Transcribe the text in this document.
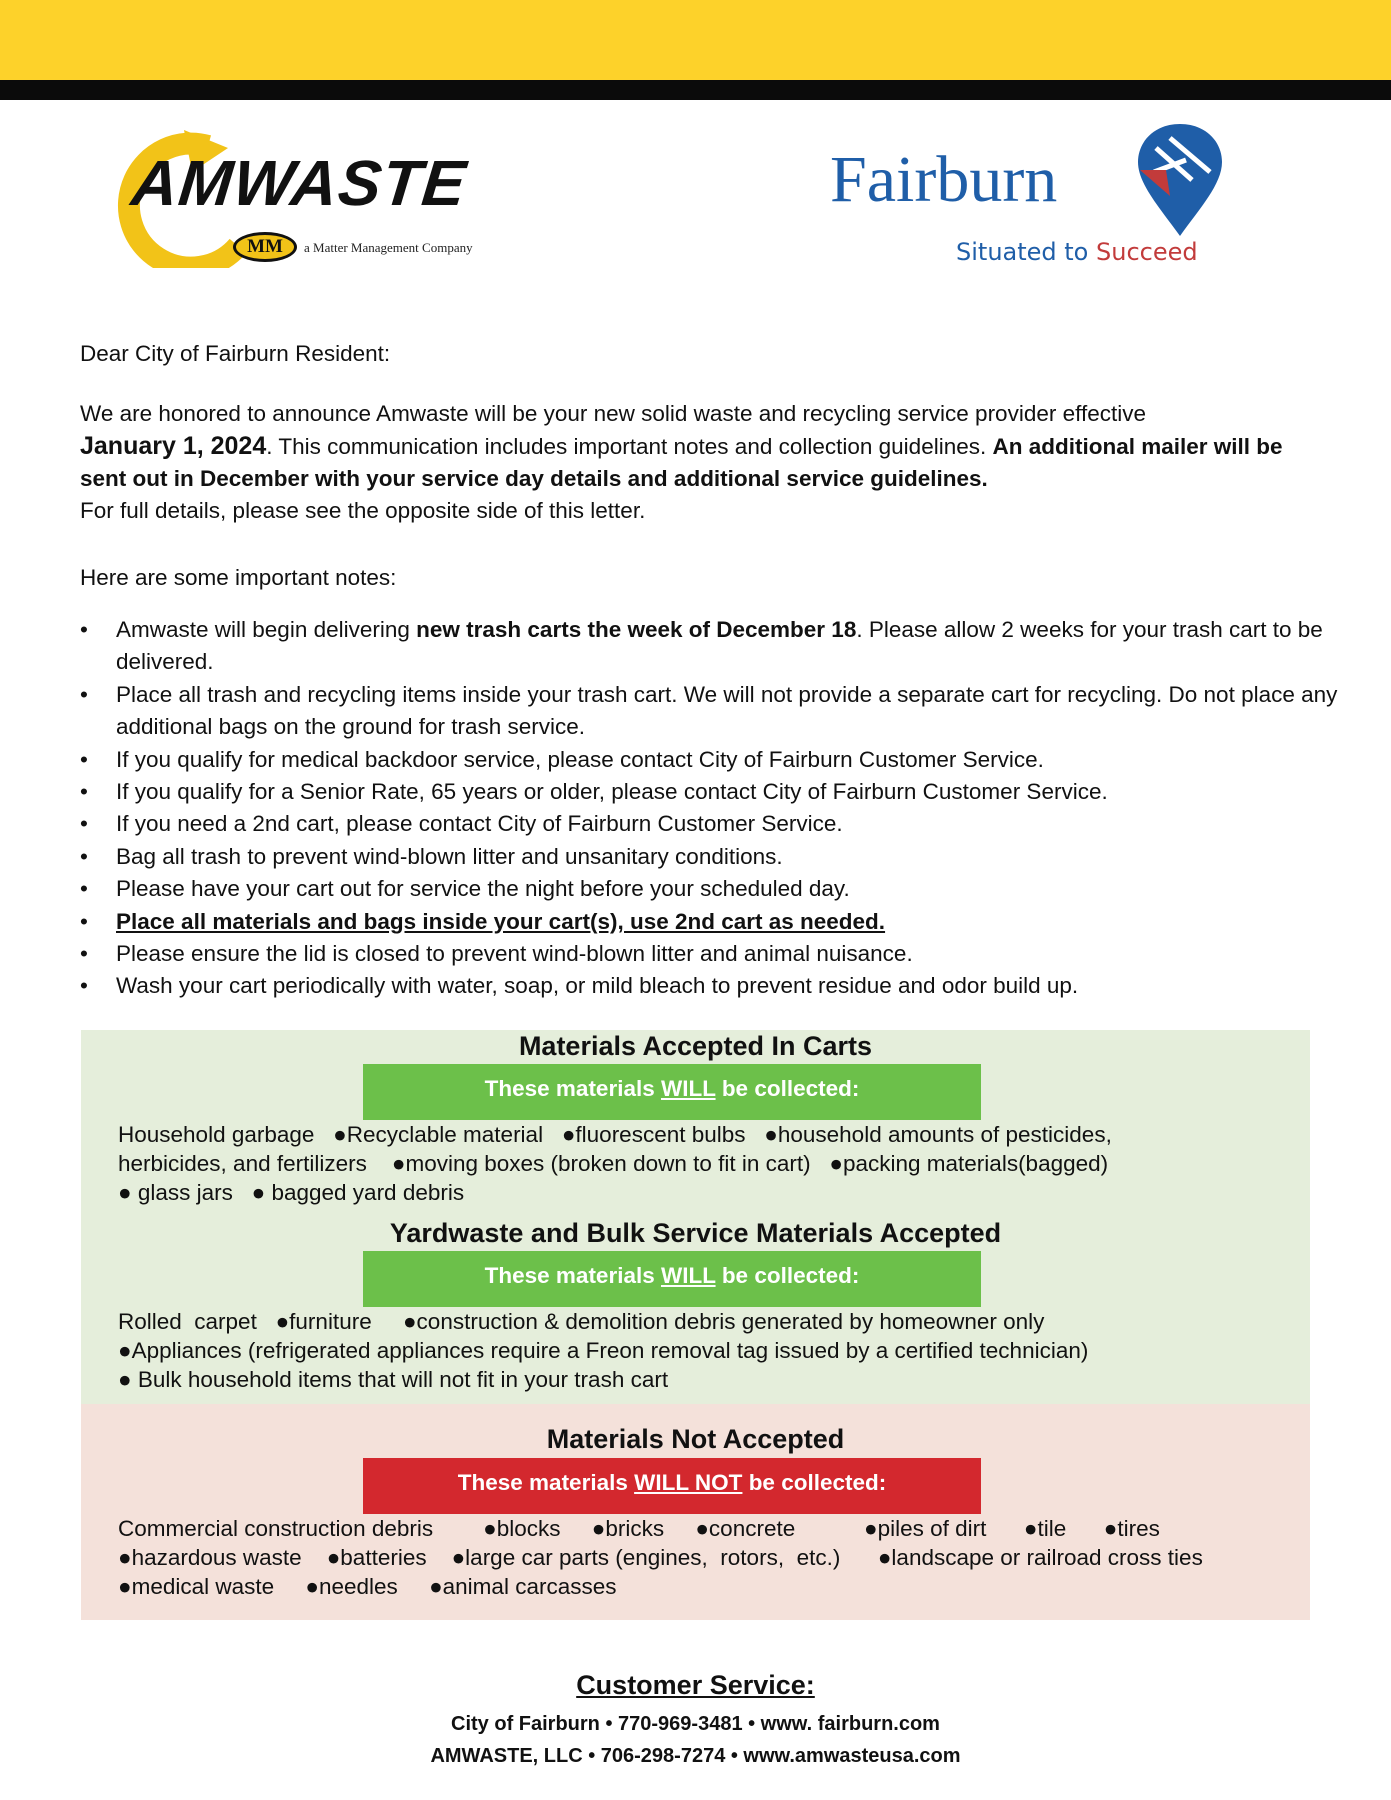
AMWASTE
MM	a Matter Management Company
Fairburn
Situated to Succeed
Dear City of Fairburn Resident:
We are honored to announce Amwaste will be your new solid waste and recycling service provider effective
January 1, 2024. This communication includes important notes and collection guidelines. An additional mailer will be sent out in December with your service day details and additional service guidelines.
For full details, please see the opposite side of this letter.
Here are some important notes:
• Amwaste will begin delivering new trash carts the week of December 18. Please allow 2 weeks for your trash cart to be delivered.
• Place all trash and recycling items inside your trash cart. We will not provide a separate cart for recycling. Do not place any additional bags on the ground for trash service.
• If you qualify for medical backdoor service, please contact City of Fairburn Customer Service.
• If you qualify for a Senior Rate, 65 years or older, please contact City of Fairburn Customer Service.
• If you need a 2nd cart, please contact City of Fairburn Customer Service.
• Bag all trash to prevent wind-blown litter and unsanitary conditions.
• Please have your cart out for service the night before your scheduled day.
• Place all materials and bags inside your cart(s), use 2nd cart as needed.
• Please ensure the lid is closed to prevent wind-blown litter and animal nuisance.
• Wash your cart periodically with water, soap, or mild bleach to prevent residue and odor build up.
Materials Accepted In Carts
These materials WILL be collected:
Household garbage   ●Recyclable material   ●fluorescent bulbs   ●household amounts of pesticides,
herbicides, and fertilizers    ●moving boxes (broken down to fit in cart)   ●packing materials(bagged)
● glass jars   ● bagged yard debris
Yardwaste and Bulk Service Materials Accepted
These materials WILL be collected:
Rolled  carpet   ●furniture     ●construction & demolition debris generated by homeowner only
●Appliances (refrigerated appliances require a Freon removal tag issued by a certified technician)
● Bulk household items that will not fit in your trash cart
Materials Not Accepted
These materials WILL NOT be collected:
Commercial construction debris        ●blocks     ●bricks     ●concrete           ●piles of dirt      ●tile      ●tires
●hazardous waste    ●batteries    ●large car parts (engines,  rotors,  etc.)      ●landscape or railroad cross ties
●medical waste     ●needles     ●animal carcasses
Customer Service:
City of Fairburn • 770-969-3481 • www. fairburn.com
AMWASTE, LLC • 706-298-7274 • www.amwasteusa.com
